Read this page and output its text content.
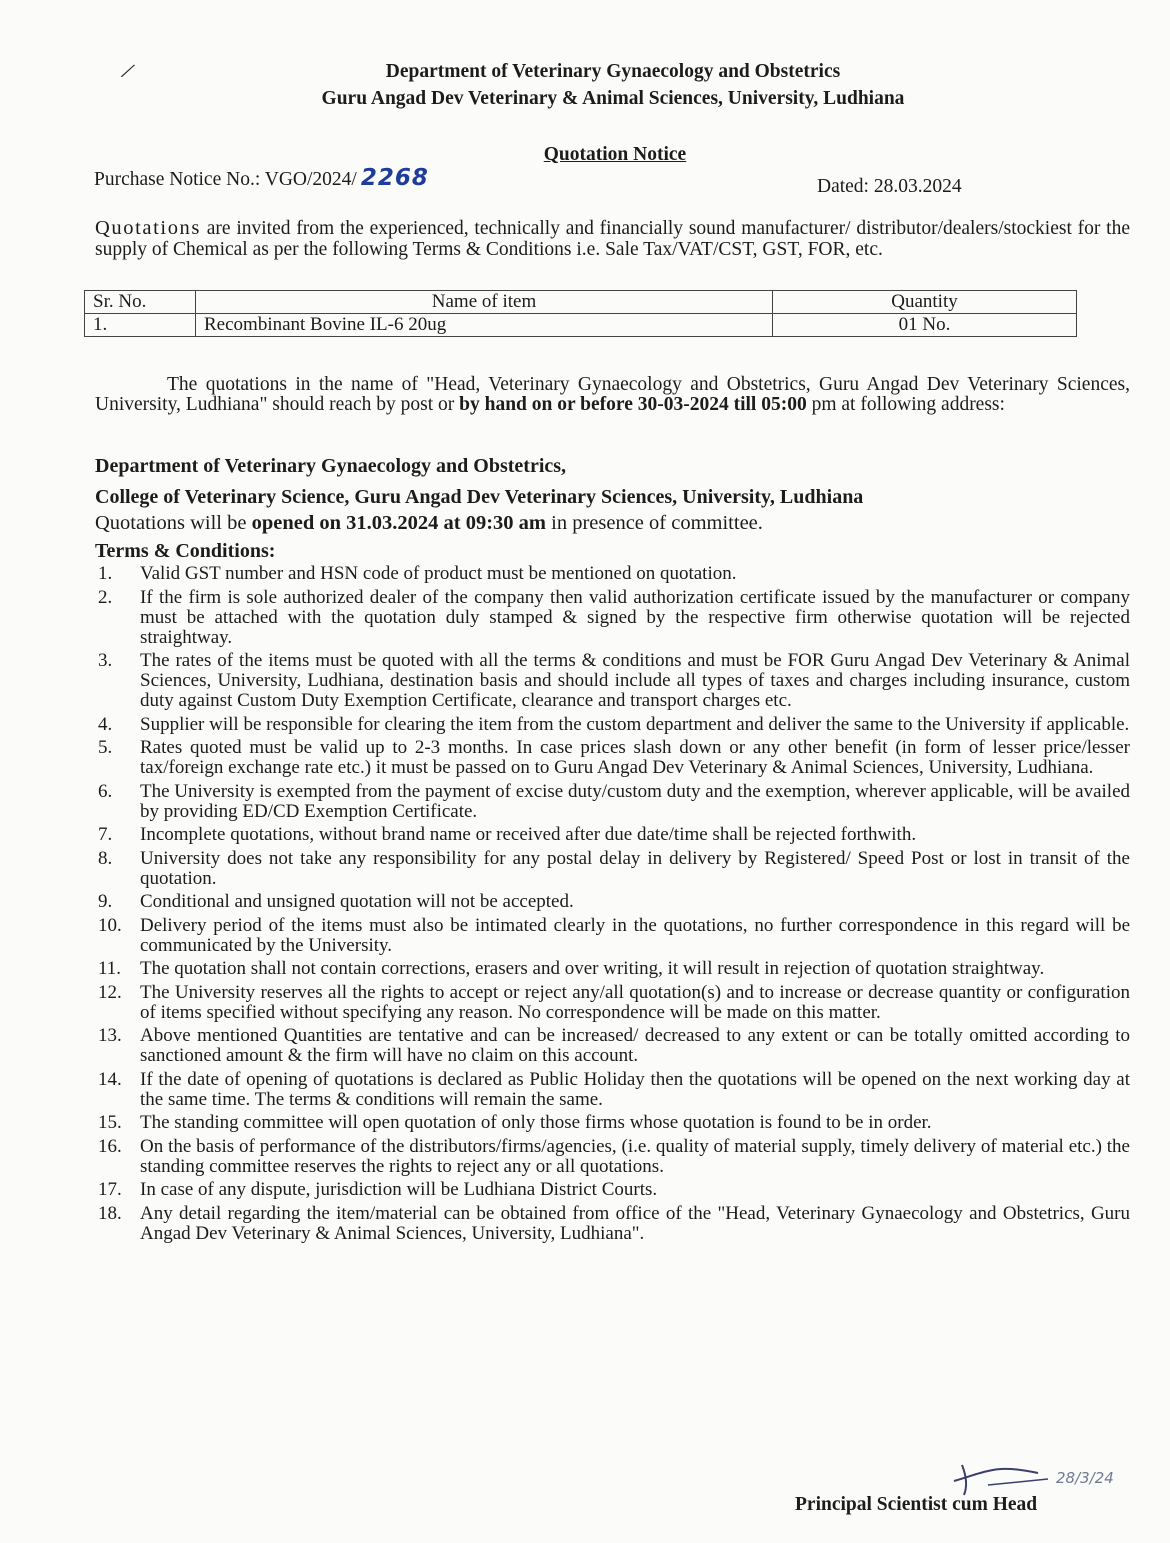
⁄	Department of Veterinary Gynaecology and Obstetrics
Guru Angad Dev Veterinary & Animal Sciences, University, Ludhiana
Quotation Notice
Purchase Notice No.: VGO/2024/ 2268	Dated: 28.03.2024
Quotations are invited from the experienced, technically and financially sound manufacturer/ distributor/dealers/stockiest for the supply of Chemical as per the following Terms & Conditions i.e. Sale Tax/VAT/CST, GST, FOR, etc.
Sr. No.	Name of item	Quantity
1.	Recombinant Bovine IL-6 20ug	01 No.
The quotations in the name of "Head, Veterinary Gynaecology and Obstetrics, Guru Angad Dev Veterinary Sciences, University, Ludhiana" should reach by post or by hand on or before 30-03-2024 till 05:00 pm at following address:
Department of Veterinary Gynaecology and Obstetrics,
College of Veterinary Science, Guru Angad Dev Veterinary Sciences, University, Ludhiana
Quotations will be opened on 31.03.2024 at 09:30 am in presence of committee.
Terms & Conditions:
1. Valid GST number and HSN code of product must be mentioned on quotation.
2. If the firm is sole authorized dealer of the company then valid authorization certificate issued by the manufacturer or company must be attached with the quotation duly stamped & signed by the respective firm otherwise quotation will be rejected straightway.
3. The rates of the items must be quoted with all the terms & conditions and must be FOR Guru Angad Dev Veterinary & Animal Sciences, University, Ludhiana, destination basis and should include all types of taxes and charges including insurance, custom duty against Custom Duty Exemption Certificate, clearance and transport charges etc.
4. Supplier will be responsible for clearing the item from the custom department and deliver the same to the University if applicable.
5. Rates quoted must be valid up to 2-3 months. In case prices slash down or any other benefit (in form of lesser price/lesser tax/foreign exchange rate etc.) it must be passed on to Guru Angad Dev Veterinary & Animal Sciences, University, Ludhiana.
6. The University is exempted from the payment of excise duty/custom duty and the exemption, wherever applicable, will be availed by providing ED/CD Exemption Certificate.
7. Incomplete quotations, without brand name or received after due date/time shall be rejected forthwith.
8. University does not take any responsibility for any postal delay in delivery by Registered/ Speed Post or lost in transit of the quotation.
9. Conditional and unsigned quotation will not be accepted.
10. Delivery period of the items must also be intimated clearly in the quotations, no further correspondence in this regard will be communicated by the University.
11. The quotation shall not contain corrections, erasers and over writing, it will result in rejection of quotation straightway.
12. The University reserves all the rights to accept or reject any/all quotation(s) and to increase or decrease quantity or configuration of items specified without specifying any reason. No correspondence will be made on this matter.
13. Above mentioned Quantities are tentative and can be increased/ decreased to any extent or can be totally omitted according to sanctioned amount & the firm will have no claim on this account.
14. If the date of opening of quotations is declared as Public Holiday then the quotations will be opened on the next working day at the same time. The terms & conditions will remain the same.
15. The standing committee will open quotation of only those firms whose quotation is found to be in order.
16. On the basis of performance of the distributors/firms/agencies, (i.e. quality of material supply, timely delivery of material etc.) the standing committee reserves the rights to reject any or all quotations.
17. In case of any dispute, jurisdiction will be Ludhiana District Courts.
18. Any detail regarding the item/material can be obtained from office of the "Head, Veterinary Gynaecology and Obstetrics, Guru Angad Dev Veterinary & Animal Sciences, University, Ludhiana".
28/3/24
Principal Scientist cum Head
